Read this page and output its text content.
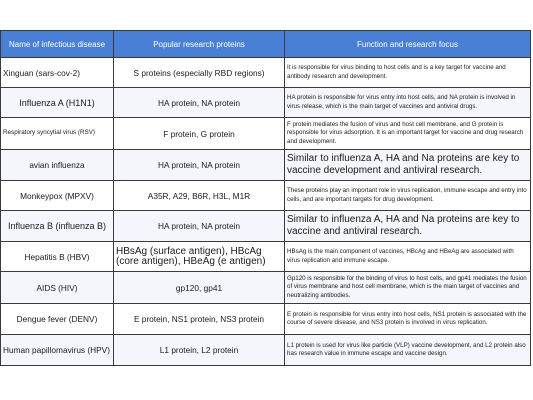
Name of infectious disease	Popular research proteins	Function and research focus
Xinguan (sars-cov-2)	S proteins (especially RBD regions)	It is responsible for virus binding to host cells and is a key target for vaccine and antibody research and development.
Influenza A (H1N1)	HA protein, NA protein	HA protein is responsible for virus entry into host cells, and NA protein is involved in virus release, which is the main target of vaccines and antiviral drugs.
Respiratory syncytial virus (RSV)	F protein, G protein	F protein mediates the fusion of virus and host cell membrane, and G protein is responsible for virus adsorption. It is an important target for vaccine and drug research and development.
avian influenza	HA protein, NA protein	Similar to influenza A, HA and Na proteins are key to vaccine development and antiviral research.
Monkeypox (MPXV)	A35R, A29, B6R, H3L, M1R	These proteins play an important role in virus replication, immune escape and entry into cells, and are important targets for drug development.
Influenza B (influenza B)	HA protein, NA protein	Similar to influenza A, HA and Na proteins are key to vaccine and antiviral research.
Hepatitis B (HBV)	HBsAg (surface antigen), HBcAg (core antigen), HBeAg (e antigen)	HBsAg is the main component of vaccines, HBcAg and HBeAg are associated with virus replication and immune escape.
AIDS (HIV)	gp120, gp41	Gp120 is responsible for the binding of virus to host cells, and gp41 mediates the fusion of virus membrane and host cell membrane, which is the main target of vaccines and neutralizing antibodies.
Dengue fever (DENV)	E protein, NS1 protein, NS3 protein	E protein is responsible for virus entry into host cells, NS1 protein is associated with the course of severe disease, and NS3 protein is involved in virus replication.
Human papillomavirus (HPV)	L1 protein, L2 protein	L1 protein is used for virus like particle (VLP) vaccine development, and L2 protein also has research value in immune escape and vaccine design.
